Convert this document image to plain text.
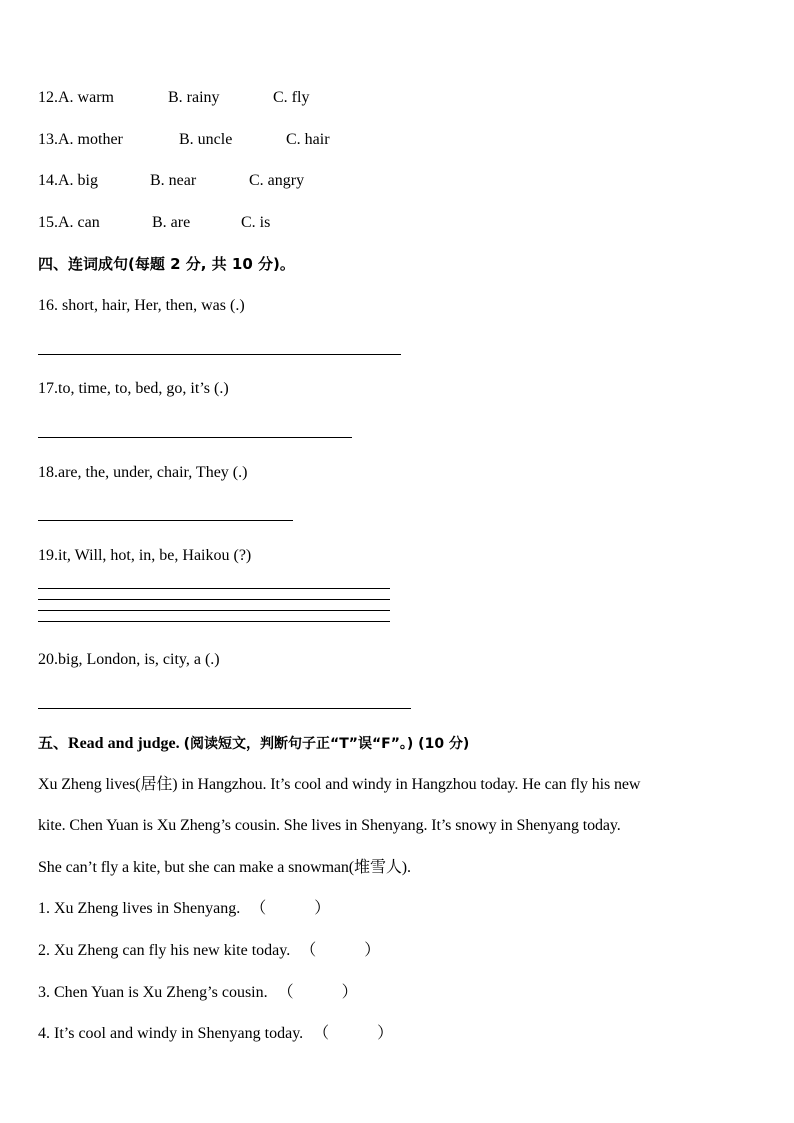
12.A. warm	B. rainy	C. fly
13.A. mother	B. uncle	C. hair
14.A. big	B. near	C. angry
15.A. can	B. are	C. is
四、连词成句(每题 2 分, 共 10 分)。
16. short, hair, Her, then, was (.)
17.to, time, to, bed, go, it’s (.)
18.are, the, under, chair, They (.)
19.it, Will, hot, in, be, Haikou (?)
20.big, London, is, city, a (.)
五、Read and judge. (阅读短文，判断句子正“T”误“F”。) (10 分)
Xu Zheng lives(居住) in Hangzhou. It’s cool and windy in Hangzhou today. He can fly his new
kite. Chen Yuan is Xu Zheng’s cousin. She lives in Shenyang. It’s snowy in Shenyang today.
She can’t fly a kite, but she can make a snowman(堆雪人).
1. Xu Zheng lives in Shenyang. （　　　）
2. Xu Zheng can fly his new kite today. （　　　）
3. Chen Yuan is Xu Zheng’s cousin. （　　　）
4. It’s cool and windy in Shenyang today. （　　　）
